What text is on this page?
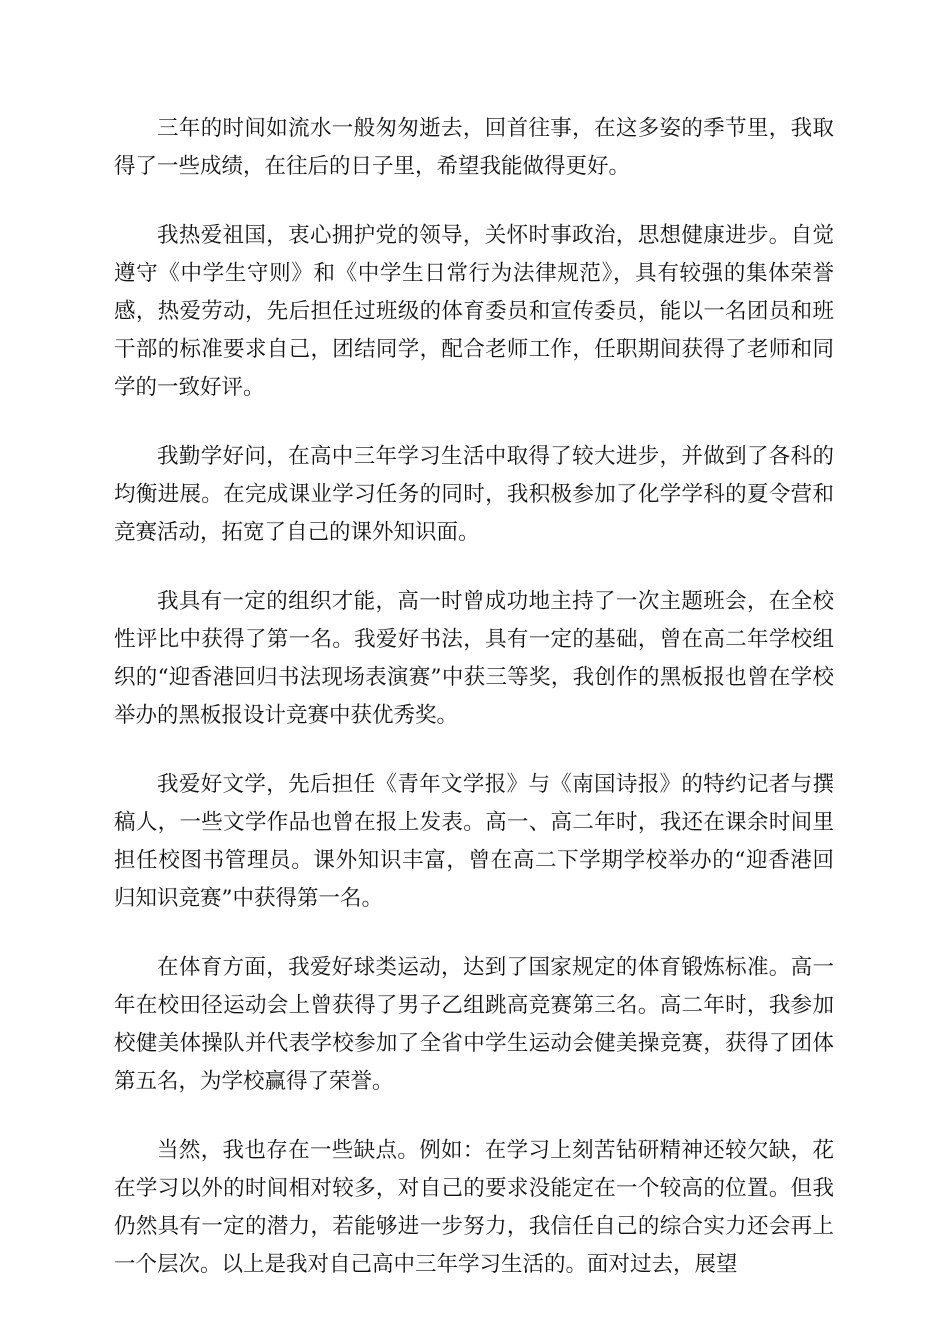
三年的时间如流水一般匆匆逝去，回首往事，在这多姿的季节里，我取得了一些成绩，在往后的日子里，希望我能做得更好。

我热爱祖国，衷心拥护党的领导，关怀时事政治，思想健康进步。自觉遵守《中学生守则》和《中学生日常行为法律规范》，具有较强的集体荣誉感，热爱劳动，先后担任过班级的体育委员和宣传委员，能以一名团员和班干部的标准要求自己，团结同学，配合老师工作，任职期间获得了老师和同学的一致好评。

我勤学好问，在高中三年学习生活中取得了较大进步，并做到了各科的均衡进展。在完成课业学习任务的同时，我积极参加了化学学科的夏令营和竞赛活动，拓宽了自己的课外知识面。

我具有一定的组织才能，高一时曾成功地主持了一次主题班会，在全校性评比中获得了第一名。我爱好书法，具有一定的基础，曾在高二年学校组织的“迎香港回归书法现场表演赛”中获三等奖，我创作的黑板报也曾在学校举办的黑板报设计竞赛中获优秀奖。

我爱好文学，先后担任《青年文学报》与《南国诗报》的特约记者与撰稿人，一些文学作品也曾在报上发表。高一、高二年时，我还在课余时间里担任校图书管理员。课外知识丰富，曾在高二下学期学校举办的“迎香港回归知识竞赛”中获得第一名。

在体育方面，我爱好球类运动，达到了国家规定的体育锻炼标准。高一年在校田径运动会上曾获得了男子乙组跳高竞赛第三名。高二年时，我参加校健美体操队并代表学校参加了全省中学生运动会健美操竞赛，获得了团体第五名，为学校赢得了荣誉。

当然，我也存在一些缺点。例如：在学习上刻苦钻研精神还较欠缺，花在学习以外的时间相对较多，对自己的要求没能定在一个较高的位置。但我仍然具有一定的潜力，若能够进一步努力，我信任自己的综合实力还会再上一个层次。以上是我对自己高中三年学习生活的。面对过去，展望
